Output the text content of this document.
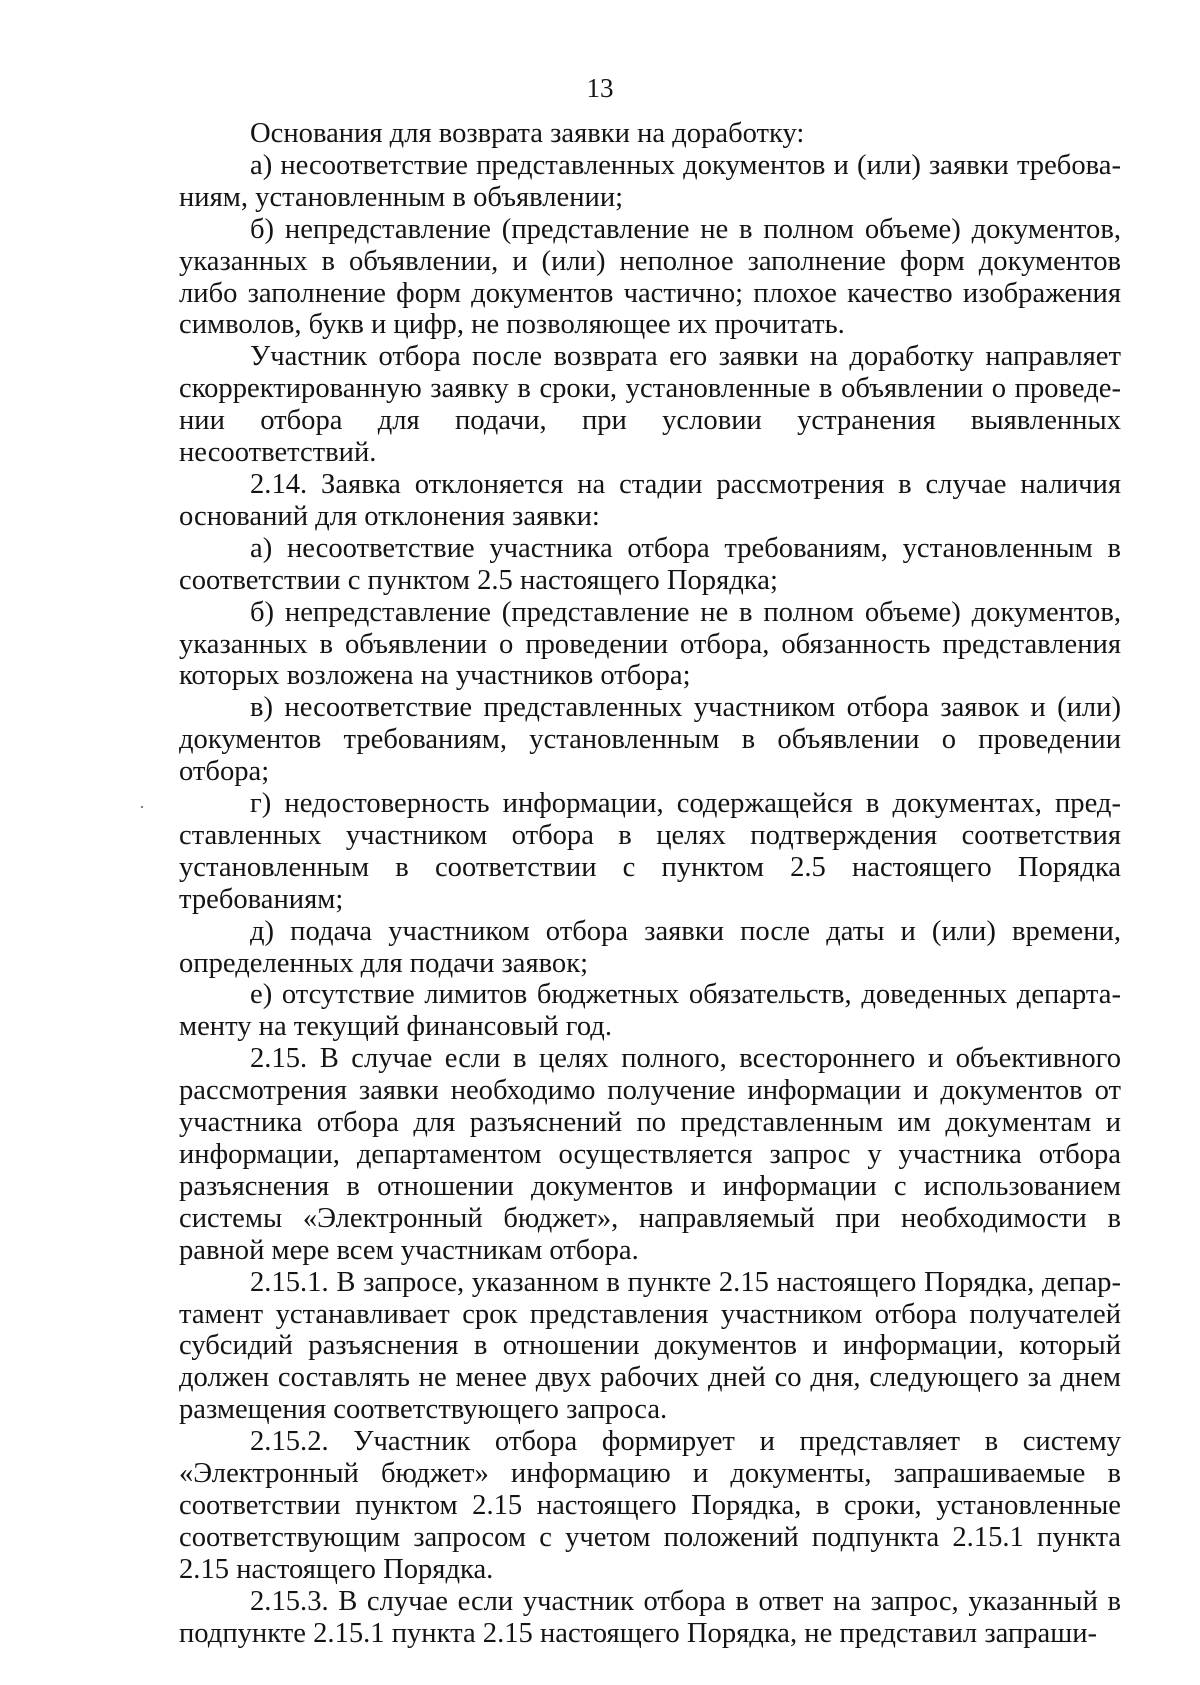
13

Основания для возврата заявки на доработку:

а) несоответствие представленных документов и (или) заявки требованиям, установленным в объявлении;

б) непредставление (представление не в полном объеме) документов, указанных в объявлении, и (или) неполное заполнение форм документов либо заполнение форм документов частично; плохое качество изображения символов, букв и цифр, не позволяющее их прочитать.

Участник отбора после возврата его заявки на доработку направляет скорректированную заявку в сроки, установленные в объявлении о проведении отбора для подачи, при условии устранения выявленных несоответствий.

2.14. Заявка отклоняется на стадии рассмотрения в случае наличия оснований для отклонения заявки:

а) несоответствие участника отбора требованиям, установленным в соответствии с пунктом 2.5 настоящего Порядка;

б) непредставление (представление не в полном объеме) документов, указанных в объявлении о проведении отбора, обязанность представления которых возложена на участников отбора;

в) несоответствие представленных участником отбора заявок и (или) документов требованиям, установленным в объявлении о проведении отбора;

г) недостоверность информации, содержащейся в документах, представленных участником отбора в целях подтверждения соответствия установленным в соответствии с пунктом 2.5 настоящего Порядка требованиям;

д) подача участником отбора заявки после даты и (или) времени, определенных для подачи заявок;

е) отсутствие лимитов бюджетных обязательств, доведенных департаменту на текущий финансовый год.

2.15. В случае если в целях полного, всестороннего и объективного рассмотрения заявки необходимо получение информации и документов от участника отбора для разъяснений по представленным им документам и информации, департаментом осуществляется запрос у участника отбора разъяснения в отношении документов и информации с использованием системы «Электронный бюджет», направляемый при необходимости в равной мере всем участникам отбора.

2.15.1. В запросе, указанном в пункте 2.15 настоящего Порядка, департамент устанавливает срок представления участником отбора получателей субсидий разъяснения в отношении документов и информации, который должен составлять не менее двух рабочих дней со дня, следующего за днем размещения соответствующего запроса.

2.15.2. Участник отбора формирует и представляет в систему «Электронный бюджет» информацию и документы, запрашиваемые в соответствии пунктом 2.15 настоящего Порядка, в сроки, установленные соответствующим запросом с учетом положений подпункта 2.15.1 пункта 2.15 настоящего Порядка.

2.15.3. В случае если участник отбора в ответ на запрос, указанный в подпункте 2.15.1 пункта 2.15 настоящего Порядка, не представил запраши-
